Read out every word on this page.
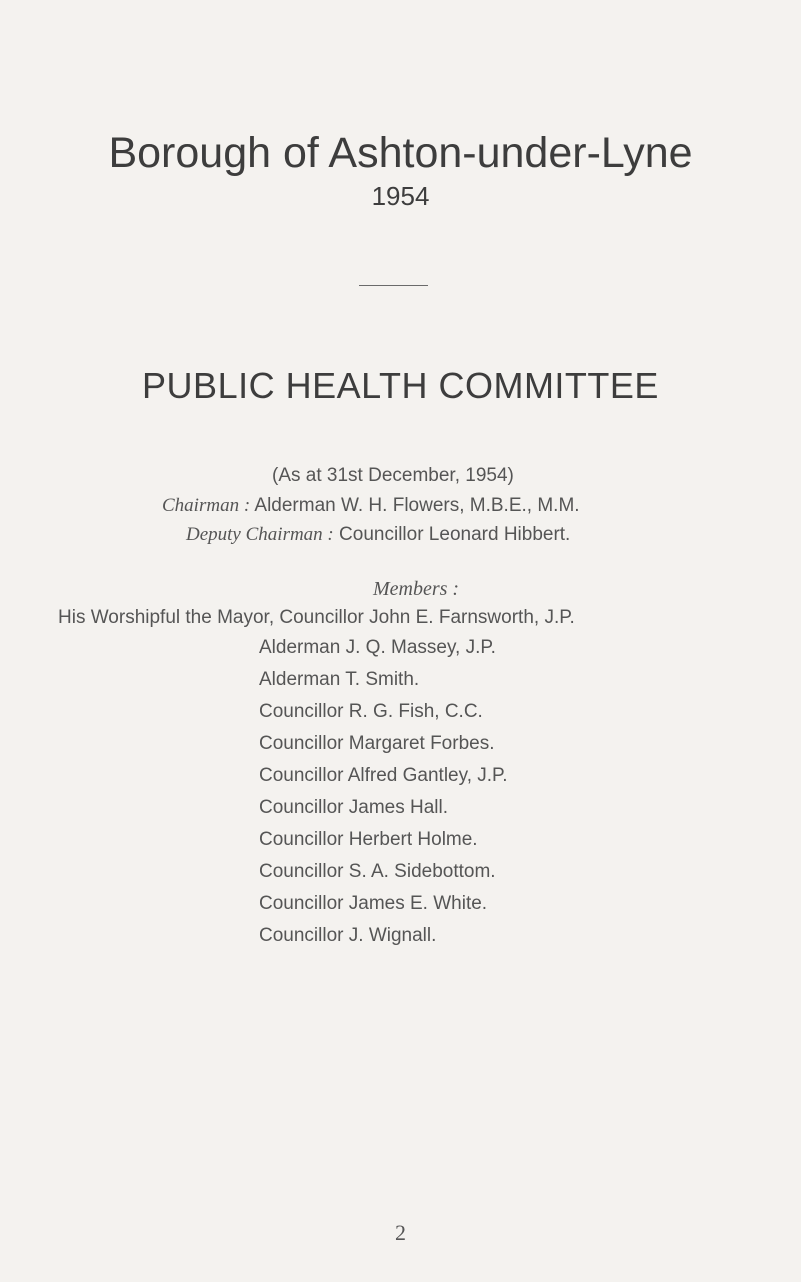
Borough of Ashton-under-Lyne
1954
PUBLIC HEALTH COMMITTEE
(As at 31st December, 1954)
Chairman : Alderman W. H. Flowers, M.B.E., M.M.
Deputy Chairman : Councillor Leonard Hibbert.
Members :
His Worshipful the Mayor, Councillor John E. Farnsworth, J.P.
Alderman J. Q. Massey, J.P.
Alderman T. Smith.
Councillor R. G. Fish, C.C.
Councillor Margaret Forbes.
Councillor Alfred Gantley, J.P.
Councillor James Hall.
Councillor Herbert Holme.
Councillor S. A. Sidebottom.
Councillor James E. White.
Councillor J. Wignall.
2
